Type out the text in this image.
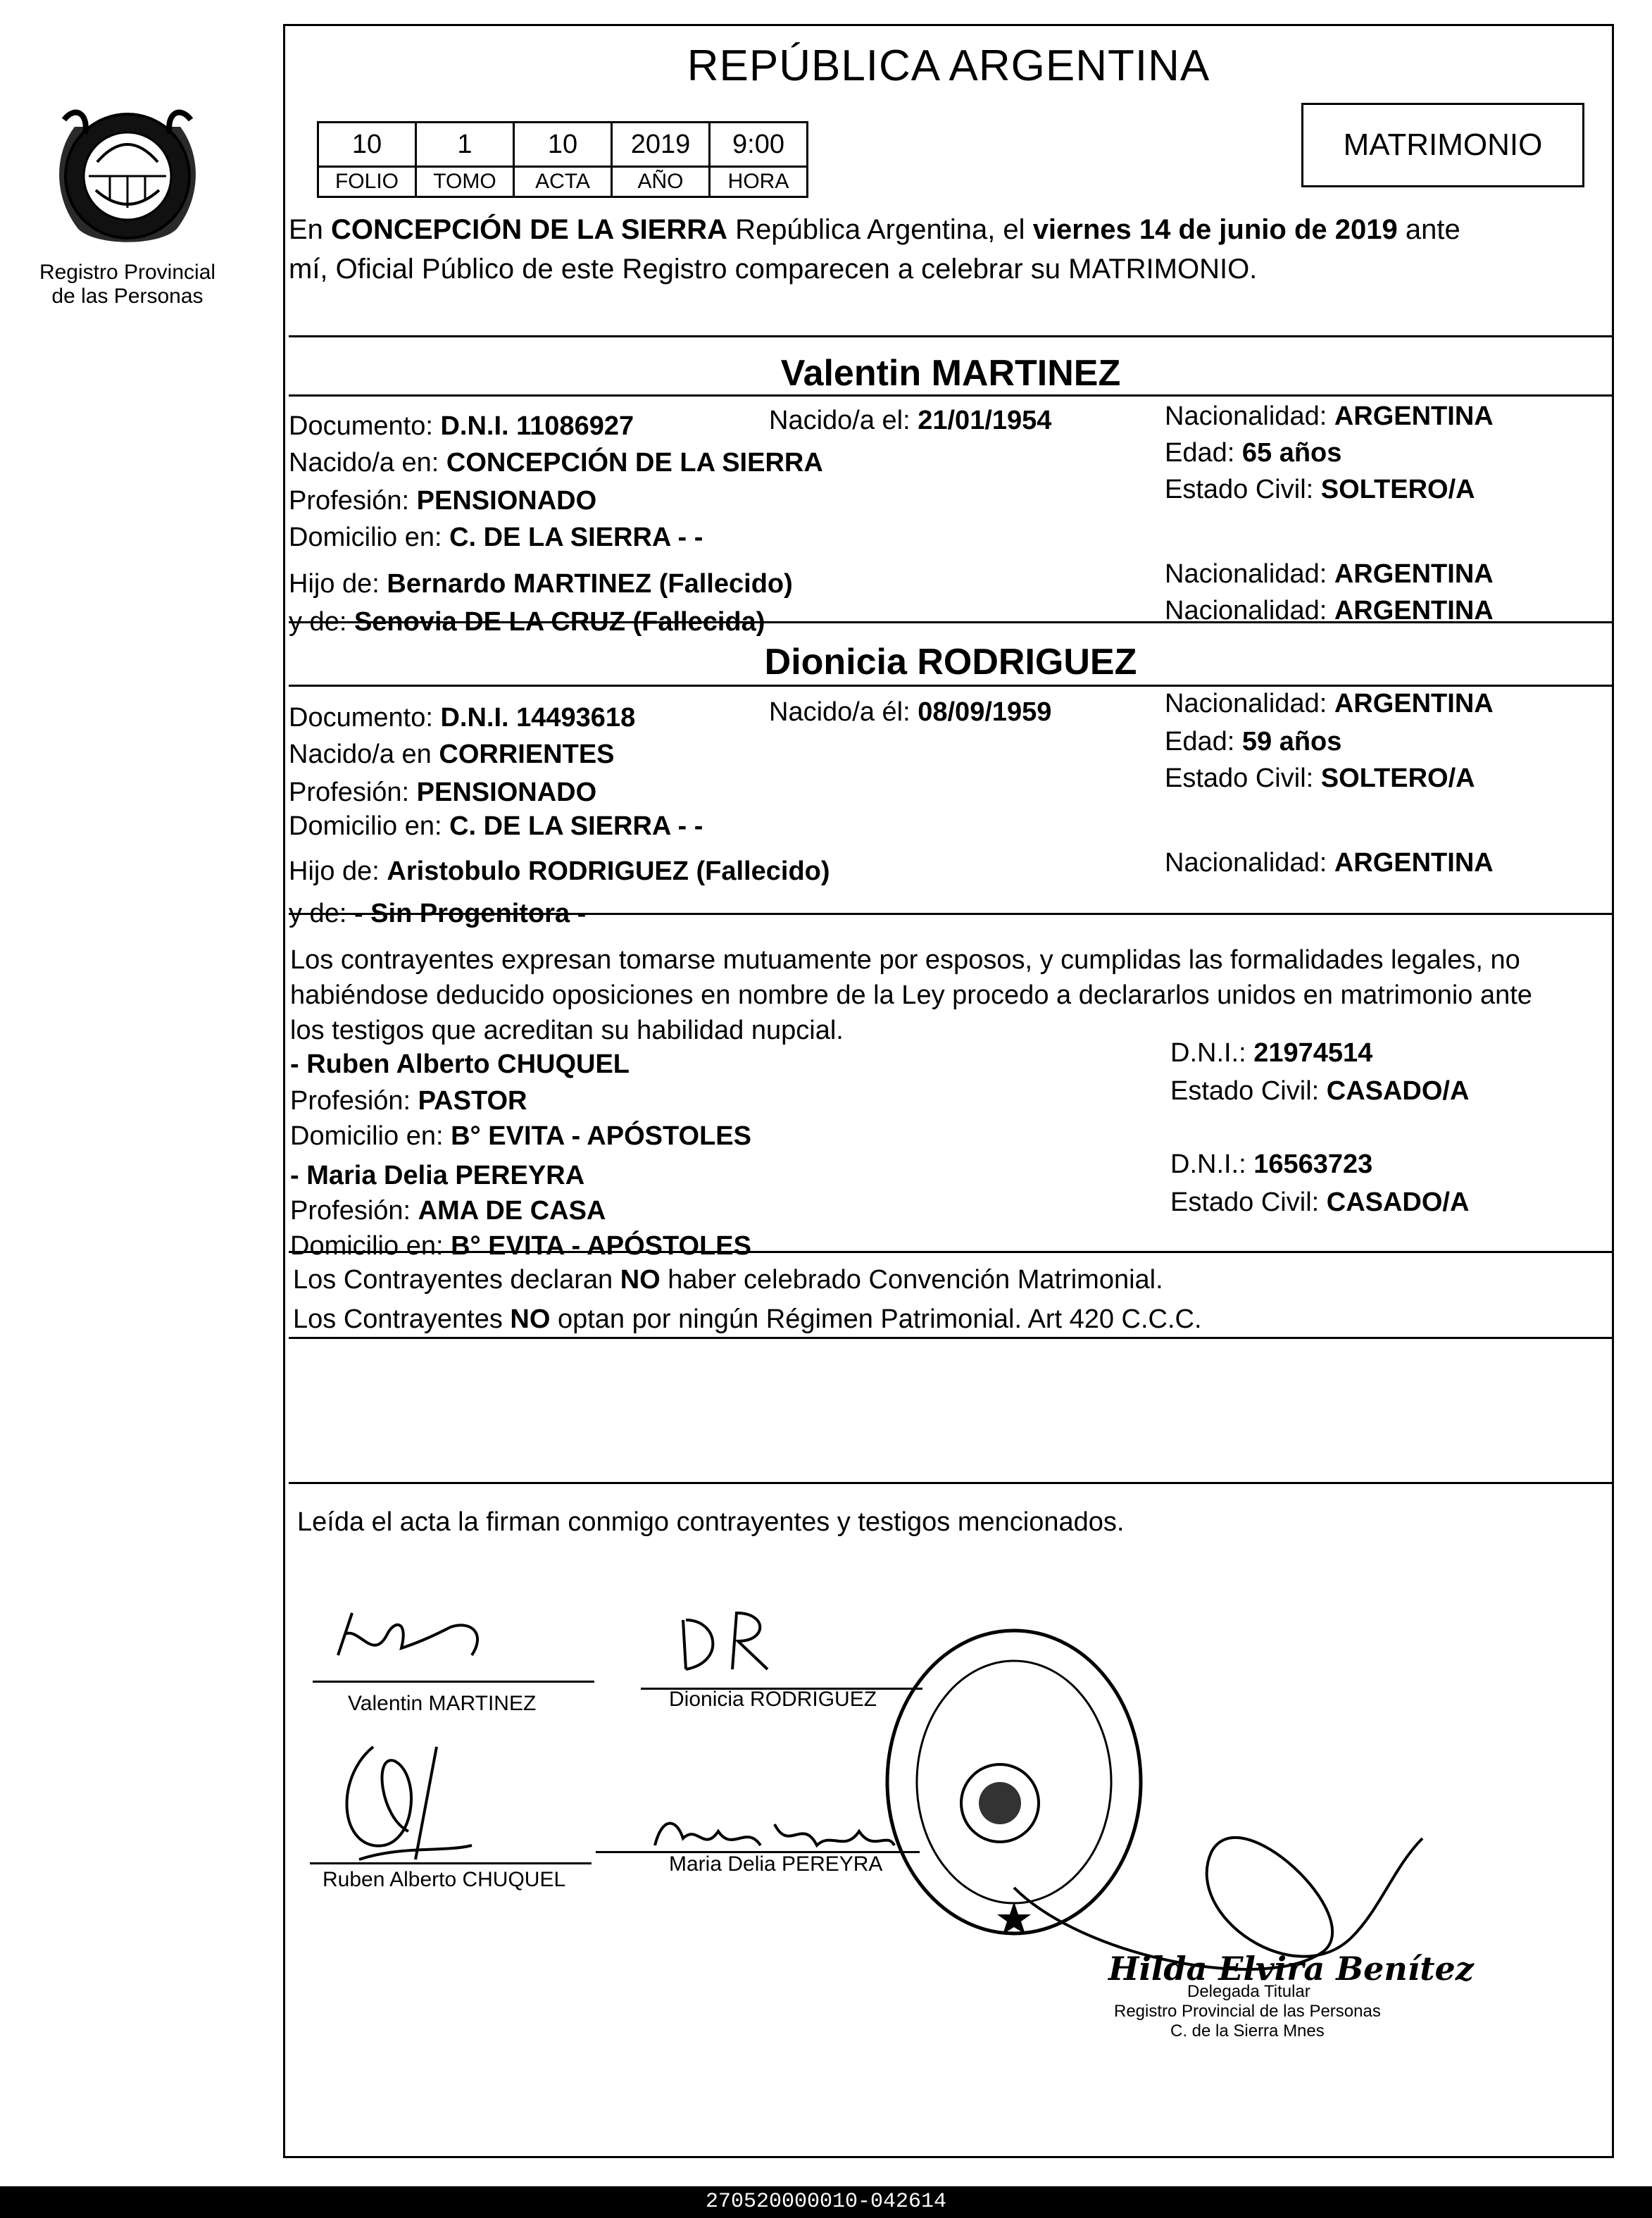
Registro Provincial
de las Personas
REPÚBLICA ARGENTINA
10	1	10	2019	9:00
FOLIO	TOMO	ACTA	AÑO	HORA
MATRIMONIO
En CONCEPCIÓN DE LA SIERRA República Argentina, el viernes 14 de junio de 2019 ante
mí, Oficial Público de este Registro comparecen a celebrar su MATRIMONIO.
Valentin MARTINEZ
Documento: D.N.I. 11086927	Nacido/a el: 21/01/1954	Nacionalidad: ARGENTINA
Nacido/a en: CONCEPCIÓN DE LA SIERRA	Edad: 65 años
Profesión: PENSIONADO	Estado Civil: SOLTERO/A
Domicilio en: C. DE LA SIERRA - -
Hijo de: Bernardo MARTINEZ (Fallecido)	Nacionalidad: ARGENTINA
y de: Senovia DE LA CRUZ (Fallecida)	Nacionalidad: ARGENTINA
Dionicia RODRIGUEZ
Documento: D.N.I. 14493618	Nacido/a él: 08/09/1959	Nacionalidad: ARGENTINA
Nacido/a en CORRIENTES	Edad: 59 años
Profesión: PENSIONADO	Estado Civil: SOLTERO/A
Domicilio en: C. DE LA SIERRA - -
Hijo de: Aristobulo RODRIGUEZ (Fallecido)	Nacionalidad: ARGENTINA
y de: - Sin Progenitora -
Los contrayentes expresan tomarse mutuamente por esposos, y cumplidas las formalidades legales, no
habiéndose deducido oposiciones en nombre de la Ley procedo a declararlos unidos en matrimonio ante
los testigos que acreditan su habilidad nupcial.
- Ruben Alberto CHUQUEL
Profesión: PASTOR
Domicilio en: B° EVITA - APÓSTOLES
D.N.I.: 21974514
Estado Civil: CASADO/A
- Maria Delia PEREYRA
Profesión: AMA DE CASA
Domicilio en: B° EVITA - APÓSTOLES
D.N.I.: 16563723
Estado Civil: CASADO/A
Los Contrayentes declaran NO haber celebrado Convención Matrimonial.
Los Contrayentes NO optan por ningún Régimen Patrimonial. Art 420 C.C.C.
Leída el acta la firman conmigo contrayentes y testigos mencionados.
Valentin MARTINEZ	Dionicia RODRIGUEZ
Ruben Alberto CHUQUEL
Maria Delia PEREYRA
Hilda Elvira Benítez
Delegada Titular
Registro Provincial de las Personas
C. de la Sierra Mnes
270520000010-042614
